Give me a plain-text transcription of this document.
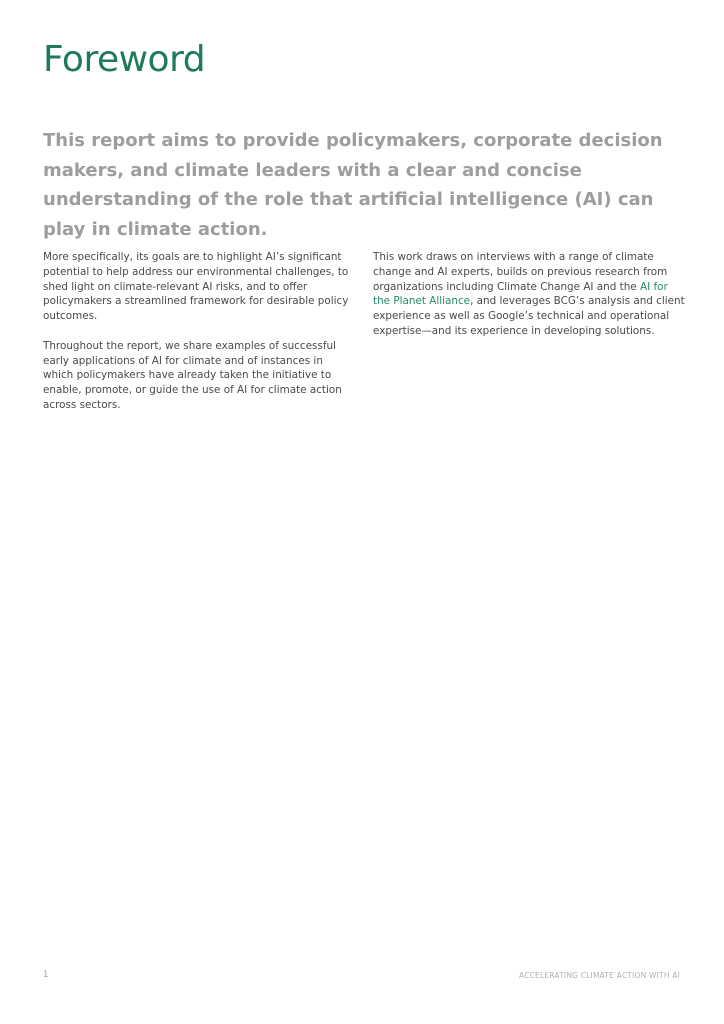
Foreword

This report aims to provide policymakers, corporate decision makers, and climate leaders with a clear and concise understanding of the role that artificial intelligence (AI) can play in climate action.

More specifically, its goals are to highlight AI’s significant potential to help address our environmental challenges, to shed light on climate-relevant AI risks, and to offer policymakers a streamlined framework for desirable policy outcomes.

Throughout the report, we share examples of successful early applications of AI for climate and of instances in which policymakers have already taken the initiative to enable, promote, or guide the use of AI for climate action across sectors.

This work draws on interviews with a range of climate change and AI experts, builds on previous research from organizations including Climate Change AI and the AI for the Planet Alliance, and leverages BCG’s analysis and client experience as well as Google’s technical and operational expertise—and its experience in developing solutions.

1	ACCELERATING CLIMATE ACTION WITH AI
